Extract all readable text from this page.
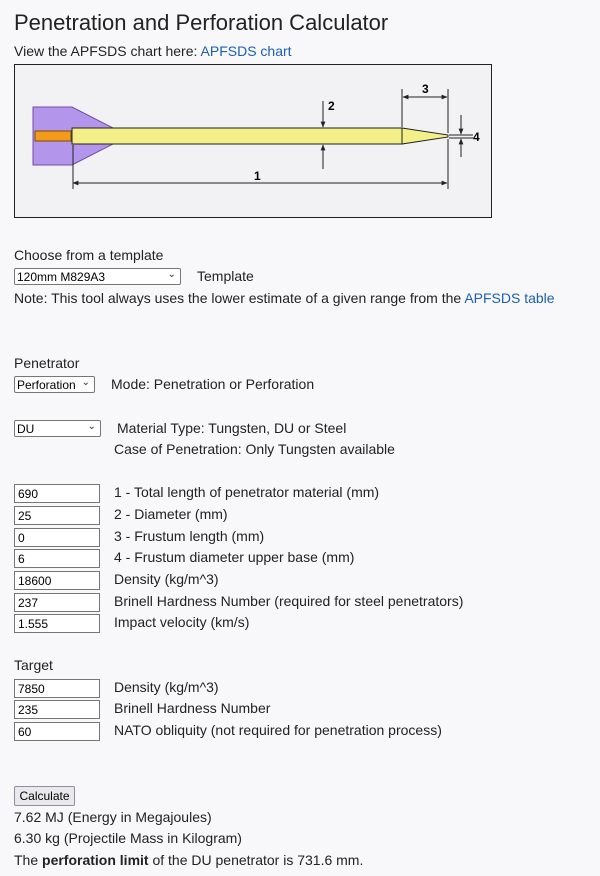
Penetration and Perforation Calculator
View the APFSDS chart here: APFSDS chart
1
2
3
4
Choose from a template
120mm M829A3
⌄ Template
Note: This tool always uses the lower estimate of a given range from the APFSDS table
Penetrator
Perforation
⌄ Mode: Penetration or Perforation
DU
⌄ Material Type: Tungsten, DU or Steel
Case of Penetration: Only Tungsten available
690
1 - Total length of penetrator material (mm)
25
2 - Diameter (mm)
0
3 - Frustum length (mm)
6
4 - Frustum diameter upper base (mm)
18600
Density (kg/m^3)
237
Brinell Hardness Number (required for steel penetrators)
1.555
Impact velocity (km/s)
Target
7850
Density (kg/m^3)
235
Brinell Hardness Number
60
NATO obliquity (not required for penetration process)
Calculate
7.62 MJ (Energy in Megajoules)
6.30 kg (Projectile Mass in Kilogram)
The perforation limit of the DU penetrator is 731.6 mm.
